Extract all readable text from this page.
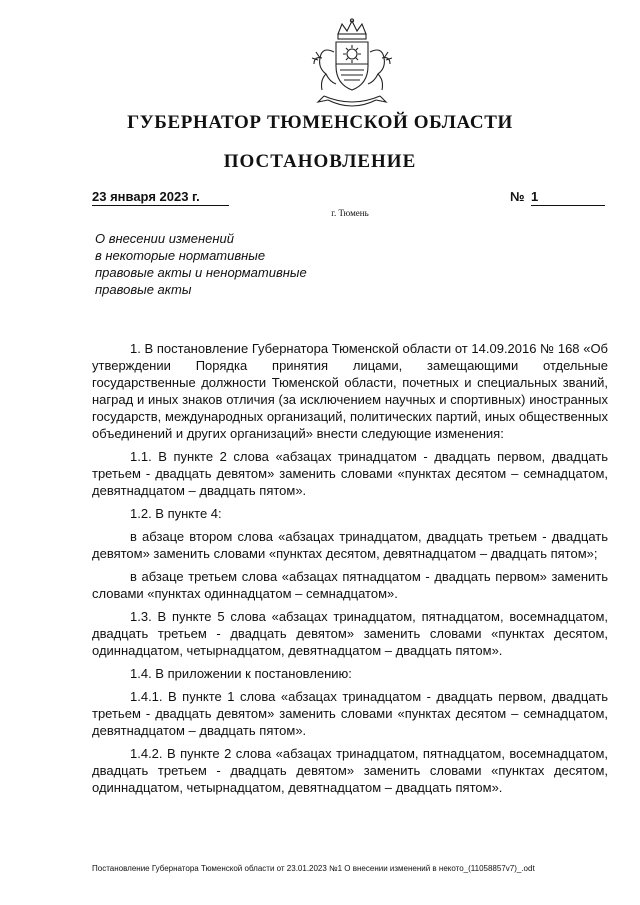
ГУБЕРНАТОР ТЮМЕНСКОЙ ОБЛАСТИ
ПОСТАНОВЛЕНИЕ
23 января 2023 г.	№ 1
г. Тюмень
О внесении изменений
в некоторые нормативные
правовые акты и ненормативные
правовые акты

1. В постановление Губернатора Тюменской области от 14.09.2016 № 168 «Об утверждении Порядка принятия лицами, замещающими отдельные государственные должности Тюменской области, почетных и специальных званий, наград и иных знаков отличия (за исключением научных и спортивных) иностранных государств, международных организаций, политических партий, иных общественных объединений и других организаций» внести следующие изменения:

1.1. В пункте 2 слова «абзацах тринадцатом - двадцать первом, двадцать третьем - двадцать девятом» заменить словами «пунктах десятом – семнадцатом, девятнадцатом – двадцать пятом».

1.2. В пункте 4:

в абзаце втором слова «абзацах тринадцатом, двадцать третьем - двадцать девятом» заменить словами «пунктах десятом, девятнадцатом – двадцать пятом»;

в абзаце третьем слова «абзацах пятнадцатом - двадцать первом» заменить словами «пунктах одиннадцатом – семнадцатом».

1.3. В пункте 5 слова «абзацах тринадцатом, пятнадцатом, восемнадцатом, двадцать третьем - двадцать девятом» заменить словами «пунктах десятом, одиннадцатом, четырнадцатом, девятнадцатом – двадцать пятом».

1.4. В приложении к постановлению:

1.4.1. В пункте 1 слова «абзацах тринадцатом - двадцать первом, двадцать третьем - двадцать девятом» заменить словами «пунктах десятом – семнадцатом, девятнадцатом – двадцать пятом».

1.4.2. В пункте 2 слова «абзацах тринадцатом, пятнадцатом, восемнадцатом, двадцать третьем - двадцать девятом» заменить словами «пунктах десятом, одиннадцатом, четырнадцатом, девятнадцатом – двадцать пятом».

Постановление Губернатора Тюменской области от 23.01.2023 №1 О внесении изменений в некото_(11058857v7)_.odt
